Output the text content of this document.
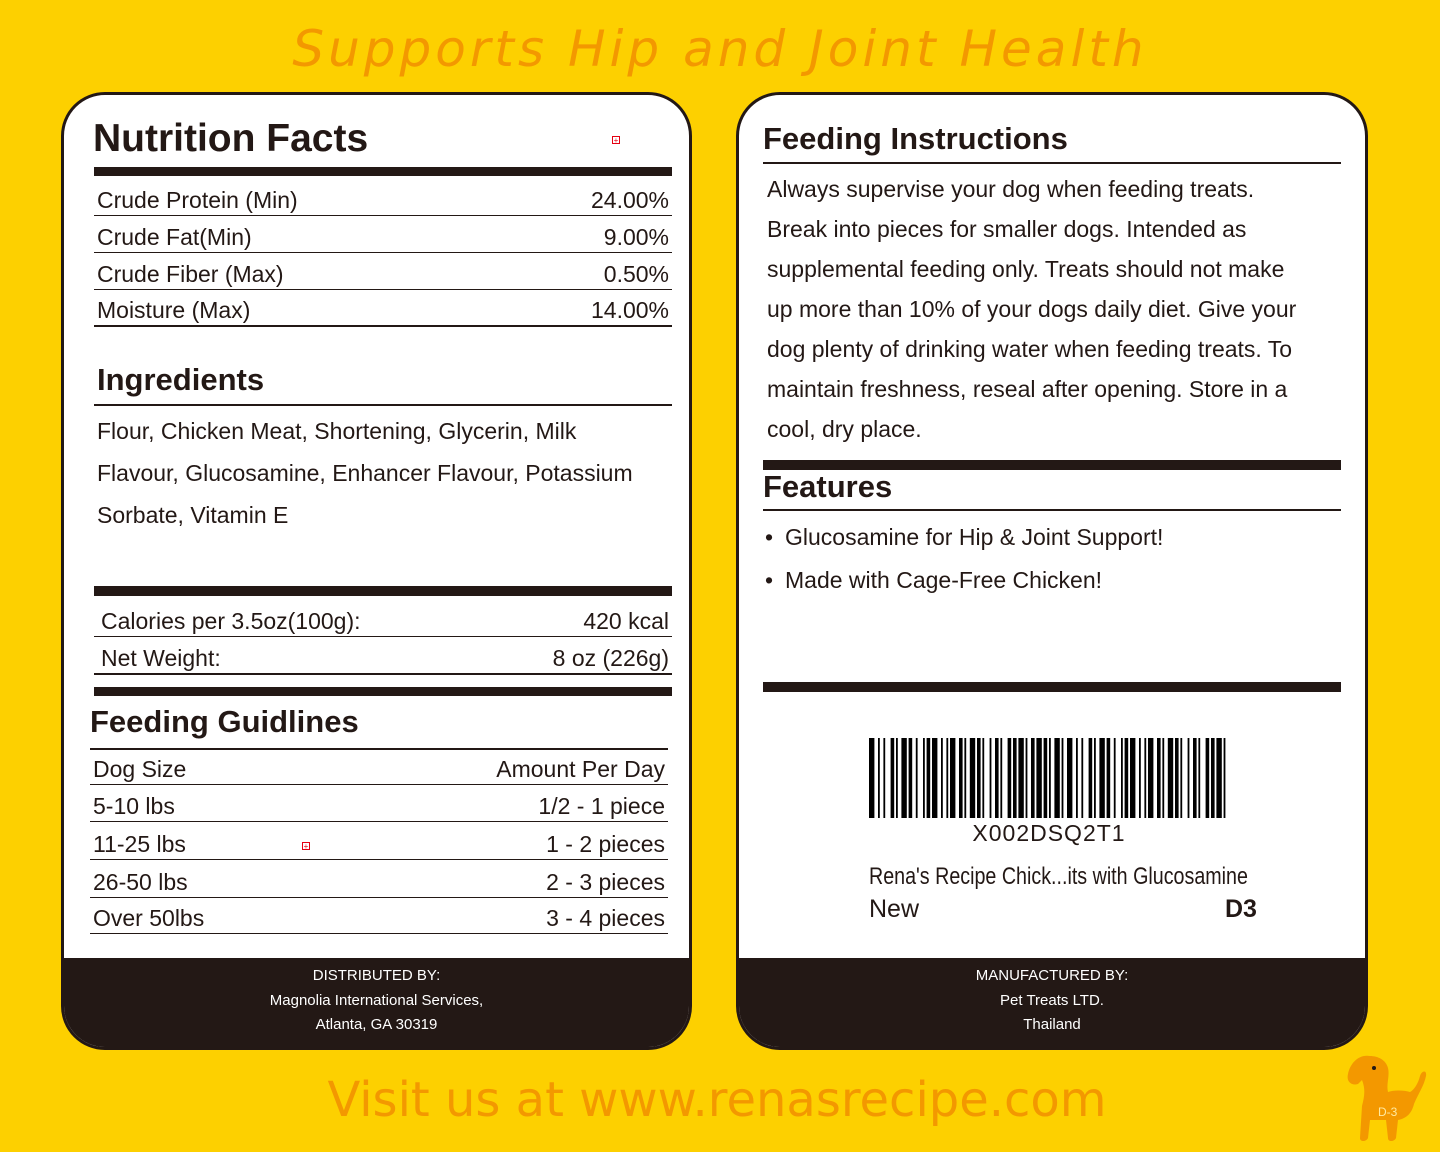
Supports Hip and Joint Health
Nutrition Facts	+
Crude Protein (Min)	24.00%
Crude Fat(Min)	9.00%
Crude Fiber (Max)	0.50%
Moisture (Max)	14.00%
Ingredients
Flour, Chicken Meat, Shortening, Glycerin, Milk
Flavour, Glucosamine, Enhancer Flavour, Potassium
Sorbate, Vitamin E
Calories per 3.5oz(100g):	420 kcal
Net Weight:	8 oz (226g)
Feeding Guidlines
Dog Size	Amount Per Day
5-10 lbs	1/2 - 1 piece
11-25 lbs	1 - 2 pieces
+
26-50 lbs	2 - 3 pieces
Over 50lbs	3 - 4 pieces
DISTRIBUTED BY:
Magnolia International Services,
Atlanta, GA 30319
Feeding Instructions
Always supervise your dog when feeding treats.
Break into pieces for smaller dogs. Intended as
supplemental feeding only. Treats should not make
up more than 10% of your dogs daily diet. Give your
dog plenty of drinking water when feeding treats. To
maintain freshness, reseal after opening. Store in a
cool, dry place.
Features
• Glucosamine for Hip & Joint Support!
• Made with Cage-Free Chicken!
X002DSQ2T1
Rena's Recipe Chick...its with Glucosamine
New	D3
MANUFACTURED BY:
Pet Treats LTD.
Thailand
Visit us at www.renasrecipe.com	D-3
